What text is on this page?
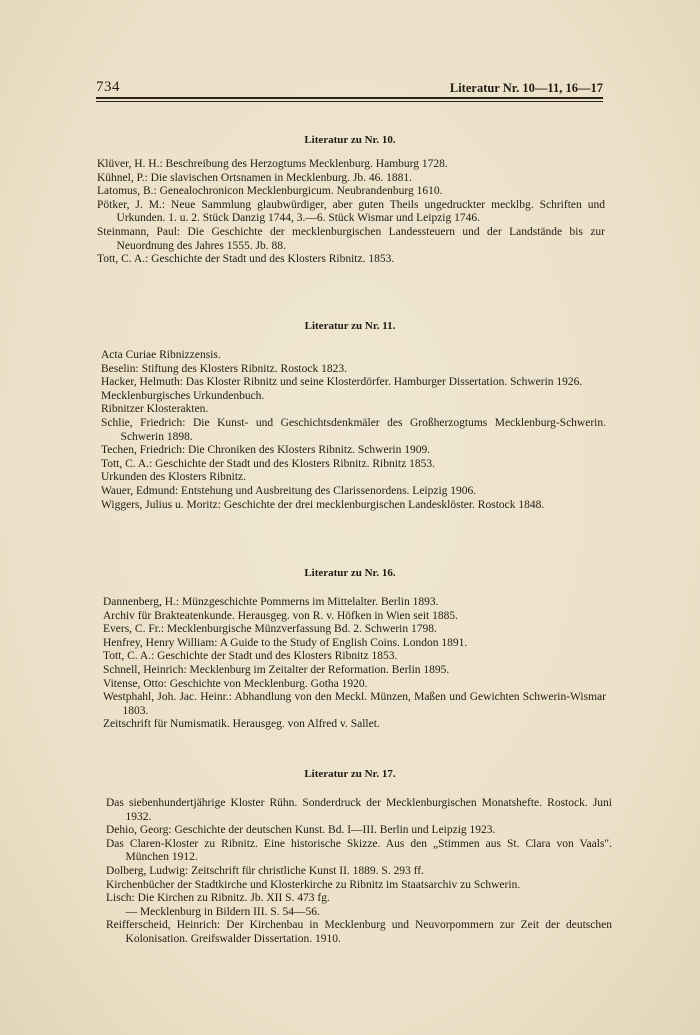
734	Literatur Nr. 10—11, 16—17
Literatur zu Nr. 10.
Klüver, H. H.: Beschreibung des Herzogtums Mecklenburg. Hamburg 1728.
Kühnel, P.: Die slavischen Ortsnamen in Mecklenburg. Jb. 46. 1881.
Latomus, B.: Genealochronicon Mecklenburgicum. Neubrandenburg 1610.
Pötker, J. M.: Neue Sammlung glaubwürdiger, aber guten Theils ungedruckter mecklbg. Schriften und Urkunden. 1. u. 2. Stück Danzig 1744, 3.—6. Stück Wismar und Leipzig 1746.
Steinmann, Paul: Die Geschichte der mecklenburgischen Landessteuern und der Landstände bis zur Neuordnung des Jahres 1555. Jb. 88.
Tott, C. A.: Geschichte der Stadt und des Klosters Ribnitz. 1853.
Literatur zu Nr. 11.
Acta Curiae Ribnizzensis.
Beselin: Stiftung des Klosters Ribnitz. Rostock 1823.
Hacker, Helmuth: Das Kloster Ribnitz und seine Klosterdörfer. Hamburger Dissertation. Schwerin 1926.
Mecklenburgisches Urkundenbuch.
Ribnitzer Klosterakten.
Schlie, Friedrich: Die Kunst- und Geschichtsdenkmäler des Großherzogtums Mecklenburg-Schwerin. Schwerin 1898.
Techen, Friedrich: Die Chroniken des Klosters Ribnitz. Schwerin 1909.
Tott, C. A.: Geschichte der Stadt und des Klosters Ribnitz. Ribnitz 1853.
Urkunden des Klosters Ribnitz.
Wauer, Edmund: Entstehung und Ausbreitung des Clarissenordens. Leipzig 1906.
Wiggers, Julius u. Moritz: Geschichte der drei mecklenburgischen Landesklöster. Rostock 1848.
Literatur zu Nr. 16.
Dannenberg, H.: Münzgeschichte Pommerns im Mittelalter. Berlin 1893.
Archiv für Brakteatenkunde. Herausgeg. von R. v. Höfken in Wien seit 1885.
Evers, C. Fr.: Mecklenburgische Münzverfassung Bd. 2. Schwerin 1798.
Henfrey, Henry William: A Guide to the Study of English Coins. London 1891.
Tott, C. A.: Geschichte der Stadt und des Klosters Ribnitz 1853.
Schnell, Heinrich: Mecklenburg im Zeitalter der Reformation. Berlin 1895.
Vitense, Otto: Geschichte von Mecklenburg. Gotha 1920.
Westphahl, Joh. Jac. Heinr.: Abhandlung von den Meckl. Münzen, Maßen und Gewichten Schwerin-Wismar 1803.
Zeitschrift für Numismatik. Herausgeg. von Alfred v. Sallet.
Literatur zu Nr. 17.
Das siebenhundertjährige Kloster Rühn. Sonderdruck der Mecklenburgischen Monatshefte. Rostock. Juni 1932.
Dehio, Georg: Geschichte der deutschen Kunst. Bd. I—III. Berlin und Leipzig 1923.
Das Claren-Kloster zu Ribnitz. Eine historische Skizze. Aus den „Stimmen aus St. Clara von Vaals". München 1912.
Dolberg, Ludwig: Zeitschrift für christliche Kunst II. 1889. S. 293 ff.
Kirchenbücher der Stadtkirche und Klosterkirche zu Ribnitz im Staatsarchiv zu Schwerin.
Lisch: Die Kirchen zu Ribnitz. Jb. XII S. 473 fg.
— Mecklenburg in Bildern III. S. 54—56.
Reifferscheid, Heinrich: Der Kirchenbau in Mecklenburg und Neuvorpommern zur Zeit der deutschen Kolonisation. Greifswalder Dissertation. 1910.
